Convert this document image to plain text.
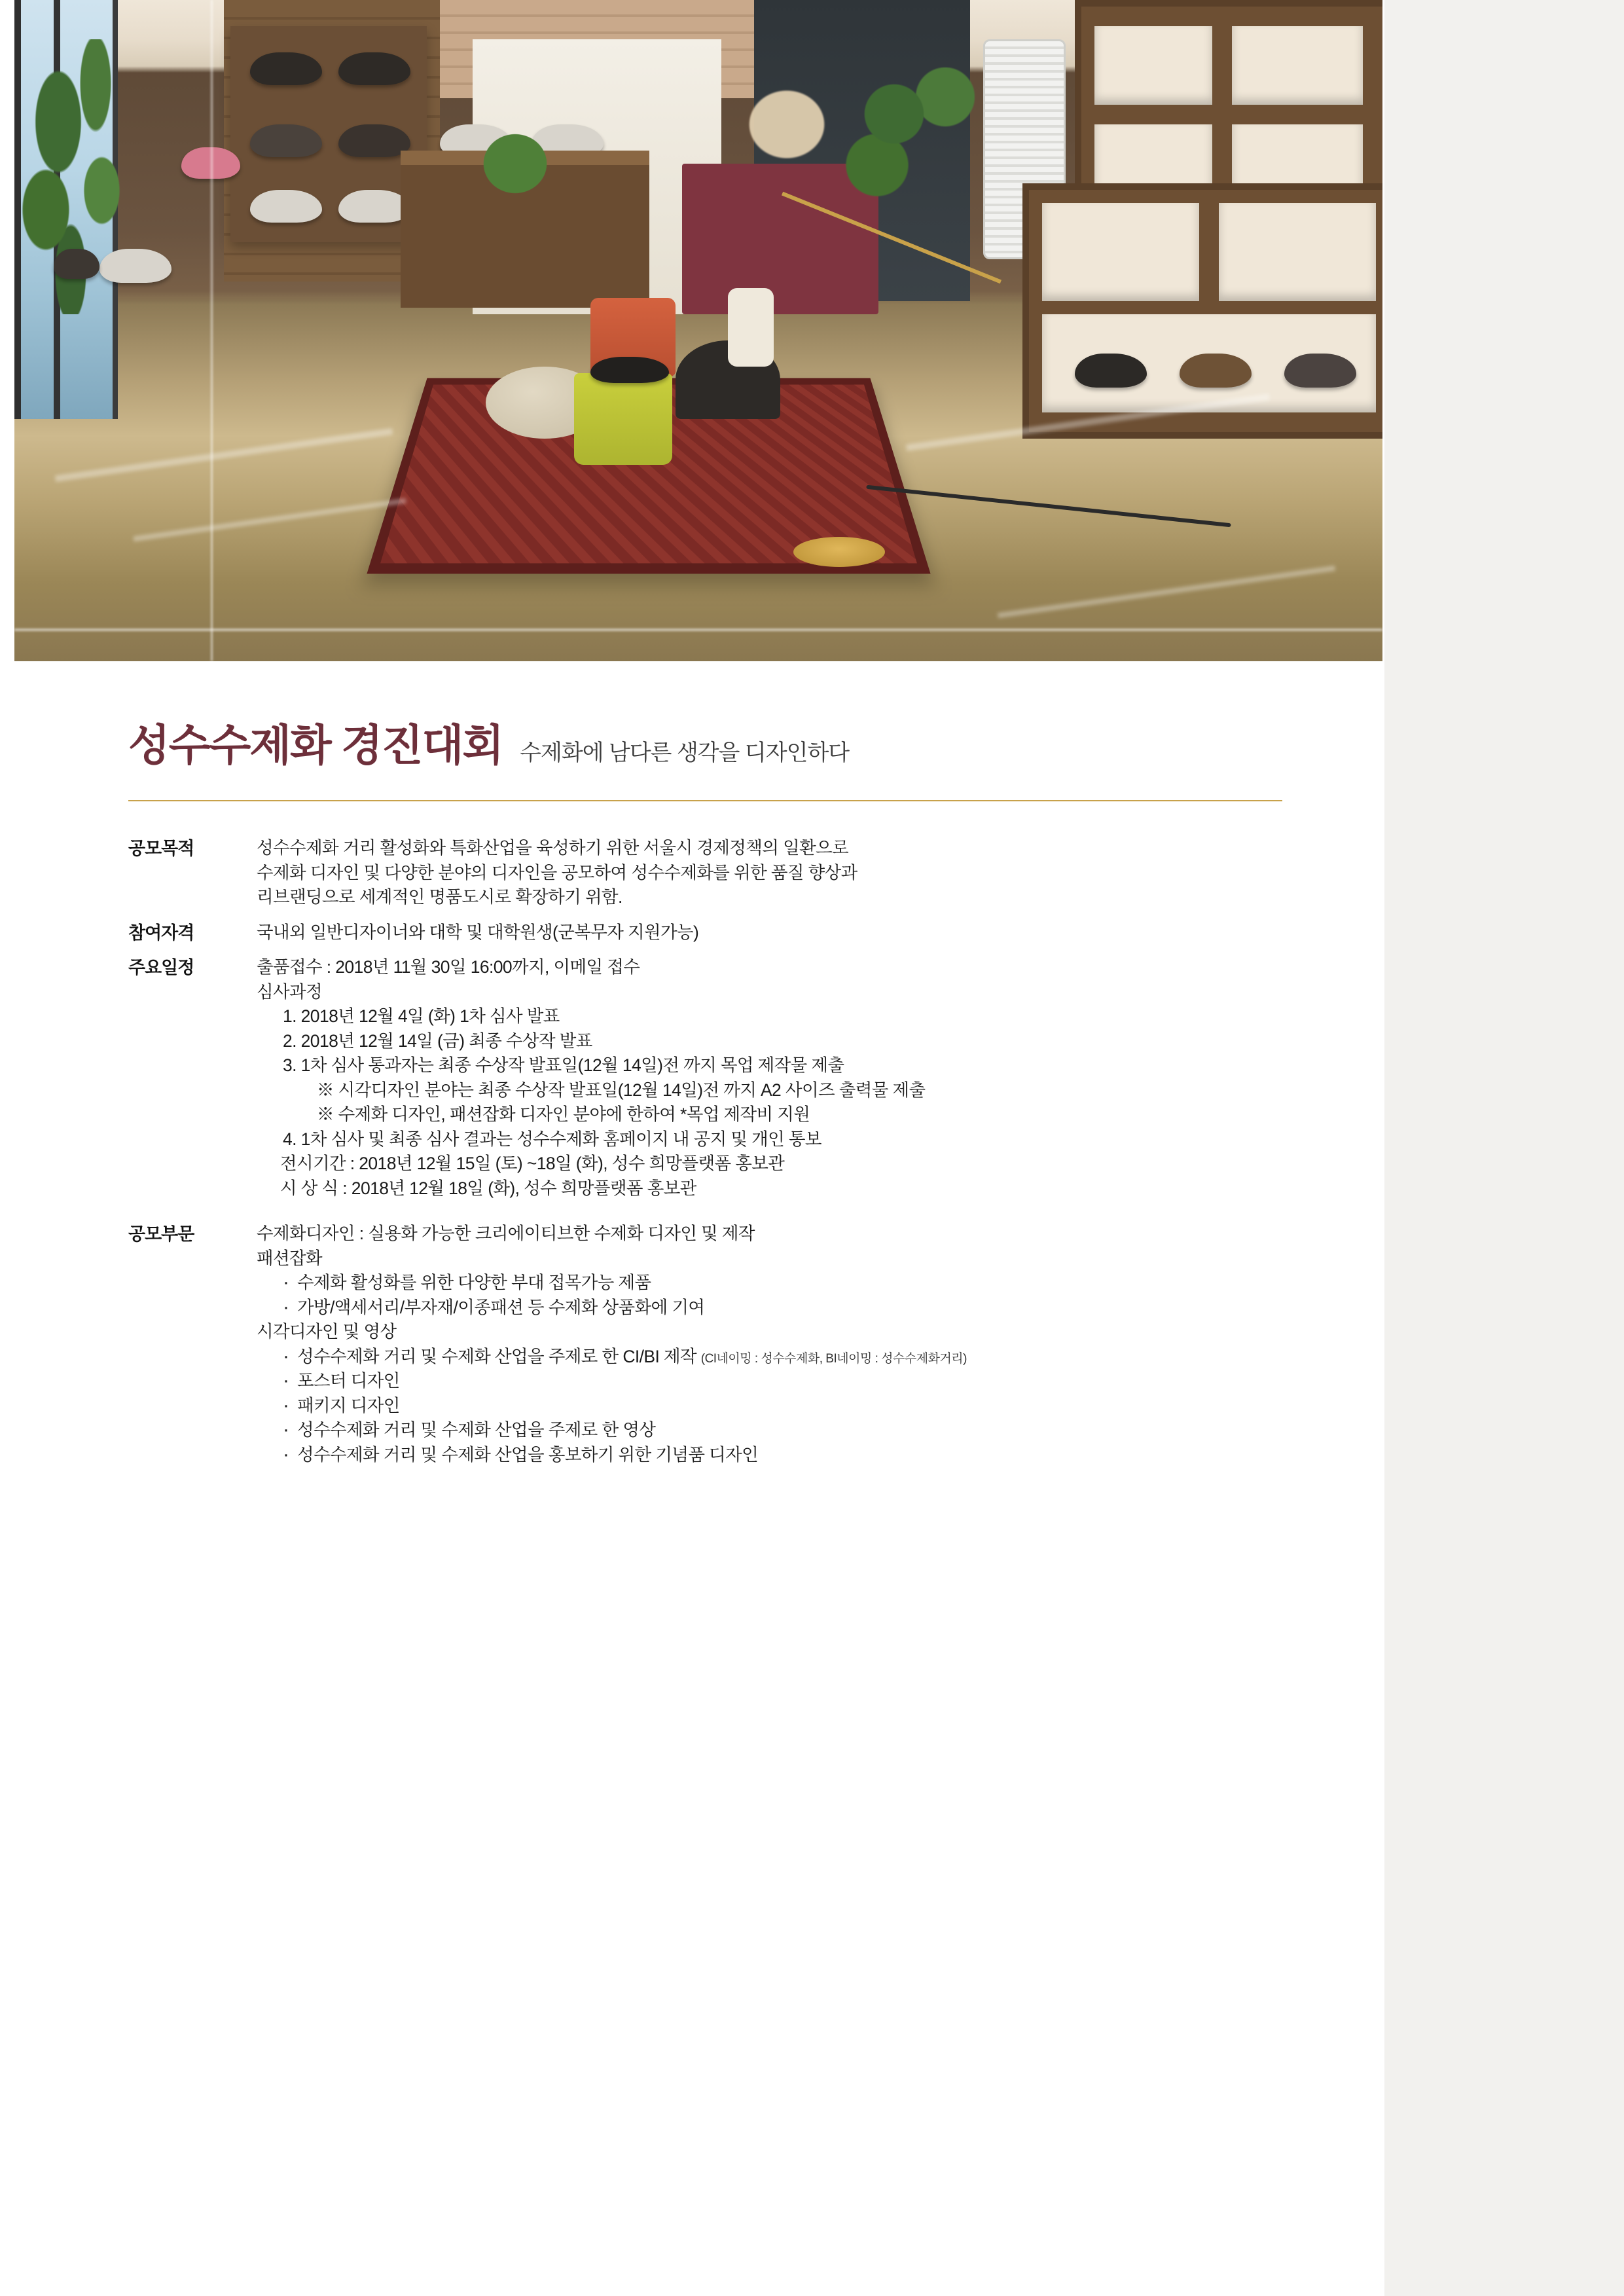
성수수제화 경진대회 수제화에 남다른 생각을 디자인하다
공모목적	성수수제화 거리 활성화와 특화산업을 육성하기 위한 서울시 경제정책의 일환으로

수제화 디자인 및 다양한 분야의 디자인을 공모하여 성수수제화를 위한 품질 향상과

리브랜딩으로 세계적인 명품도시로 확장하기 위함.

참여자격	국내외 일반디자이너와 대학 및 대학원생(군복무자 지원가능)

주요일정	출품접수 : 2018년 11월 30일 16:00까지, 이메일 접수

심사과정

1. 2018년 12월 4일 (화) 1차 심사 발표

2. 2018년 12월 14일 (금) 최종 수상작 발표

3. 1차 심사 통과자는 최종 수상작 발표일(12월 14일)전 까지 목업 제작물 제출

※ 시각디자인 분야는 최종 수상작 발표일(12월 14일)전 까지 A2 사이즈 출력물 제출

※ 수제화 디자인, 패션잡화 디자인 분야에 한하여 *목업 제작비 지원

4. 1차 심사 및 최종 심사 결과는 성수수제화 홈페이지 내 공지 및 개인 통보

전시기간 : 2018년 12월 15일 (토) ~18일 (화), 성수 희망플랫폼 홍보관

시 상 식 : 2018년 12월 18일 (화), 성수 희망플랫폼 홍보관

공모부문	수제화디자인 : 실용화 가능한 크리에이티브한 수제화 디자인 및 제작

패션잡화

· 수제화 활성화를 위한 다양한 부대 접목가능 제품

· 가방/액세서리/부자재/이종패션 등 수제화 상품화에 기여

시각디자인 및 영상

· 성수수제화 거리 및 수제화 산업을 주제로 한 CI/BI 제작 (CI네이밍 : 성수수제화, BI네이밍 : 성수수제화거리)

· 포스터 디자인

· 패키지 디자인

· 성수수제화 거리 및 수제화 산업을 주제로 한 영상

· 성수수제화 거리 및 수제화 산업을 홍보하기 위한 기념품 디자인
